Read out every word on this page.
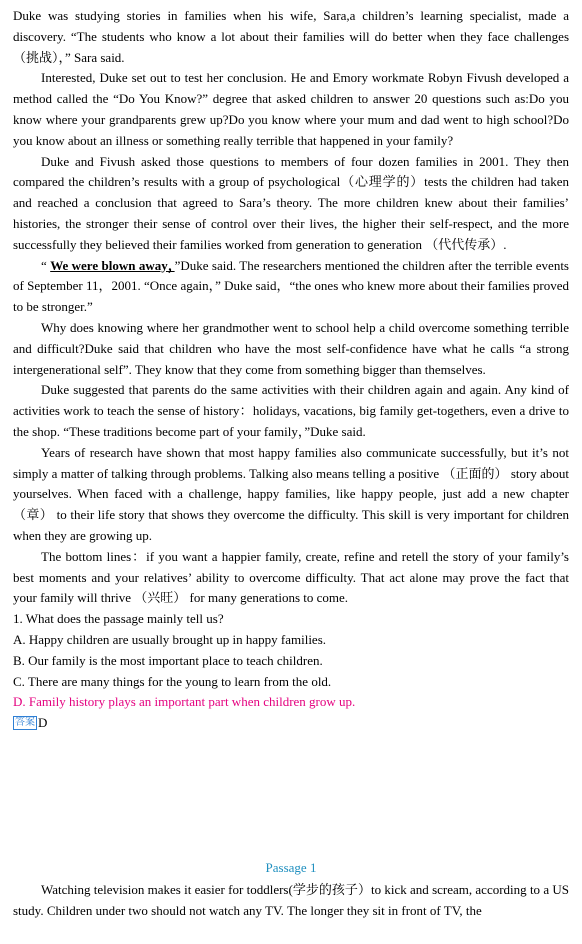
Duke was studying stories in families when his wife, Sara,a children’s learning specialist, made a discovery. “The students who know a lot about their families will do better when they face challenges （挑战），” Sara said.

Interested, Duke set out to test her conclusion. He and Emory workmate Robyn Fivush developed a method called the “Do You Know?” degree that asked children to answer 20 questions such as:Do you know where your grandparents grew up?Do you know where your mum and dad went to high school?Do you know about an illness or something really terrible that happened in your family?

Duke and Fivush asked those questions to members of four dozen families in 2001. They then compared the children’s results with a group of psychological（心理学的）tests the children had taken and reached a conclusion that agreed to Sara’s theory. The more children knew about their families’ histories, the stronger their sense of control over their lives, the higher their self-respect, and the more successfully they believed their families worked from generation to generation （代代传承）.

“ We were blown away，”Duke said. The researchers mentioned the children after the terrible events of September 11，2001. “Once again，” Duke said，“the ones who knew more about their families proved to be stronger.”

Why does knowing where her grandmother went to school help a child overcome something terrible and difficult?Duke said that children who have the most self-confidence have what he calls “a strong intergenerational self”. They know that they come from something bigger than themselves.

Duke suggested that parents do the same activities with their children again and again. Any kind of activities work to teach the sense of history：holidays, vacations, big family get-togethers, even a drive to the shop. “These traditions become part of your family，”Duke said.

Years of research have shown that most happy families also communicate successfully, but it’s not simply a matter of talking through problems. Talking also means telling a positive （正面的） story about yourselves. When faced with a challenge, happy families, like happy people, just add a new chapter （章） to their life story that shows they overcome the difficulty. This skill is very important for children when they are growing up.

The bottom lines：if you want a happier family, create, refine and retell the story of your family’s best moments and your relatives’ ability to overcome difficulty. That act alone may prove the fact that your family will thrive （兴旺） for many generations to come.

1. What does the passage mainly tell us?

A. Happy children are usually brought up in happy families.

B. Our family is the most important place to teach children.

C. There are many things for the young to learn from the old.

D. Family history plays an important part when children grow up.

答案 D

Passage 1

Watching television makes it easier for toddlers(学步的孩子）to kick and scream, according to a US study. Children under two should not watch any TV. The longer they sit in front of TV, the
